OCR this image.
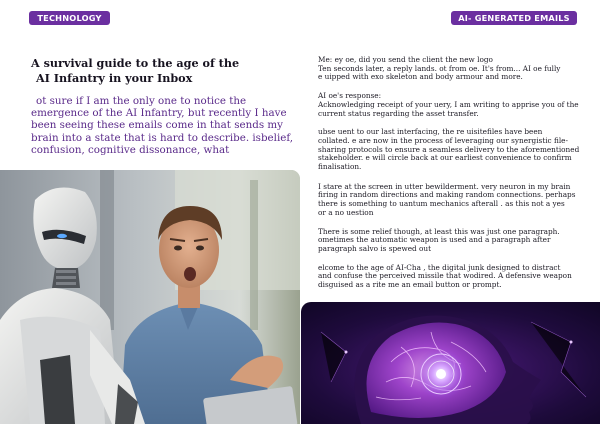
TECHNOLOGY	AI- GENERATED EMAILS
A survival guide to the age of the
AI Infantry in your Inbox

ot sure if I am the only one to notice the
emergence of the AI Infantry, but recently I have
been seeing these emails come in that sends my
brain into a state that is hard to describe. isbelief,
confusion, cognitive dissonance, what

Me: ey oe, did you send the client the new logo
Ten seconds later, a reply lands. ot from oe. It's from... AI oe fully
e uipped with exo skeleton and body armour and more.

AI oe's response:
Acknowledging receipt of your uery, I am writing to apprise you of the
current status regarding the asset transfer.

ubse uent to our last interfacing, the re uisitefiles have been
collated. e are now in the process of leveraging our synergistic file-
sharing protocols to ensure a seamless delivery to the aforementioned
stakeholder. e will circle back at our earliest convenience to confirm
finalisation.

I stare at the screen in utter bewilderment. very neuron in my brain
firing in random directions and making random connections. perhaps
there is something to uantum mechanics afterall . as this not a yes
or a no uestion

There is some relief though, at least this was just one paragraph.
ometimes the automatic weapon is used and a paragraph after
paragraph salvo is spewed out

elcome to the age of AI-Cha , the digital junk designed to distract
and confuse the perceived missile that wodired. A defensive weapon
disguised as a rite me an email button or prompt.
